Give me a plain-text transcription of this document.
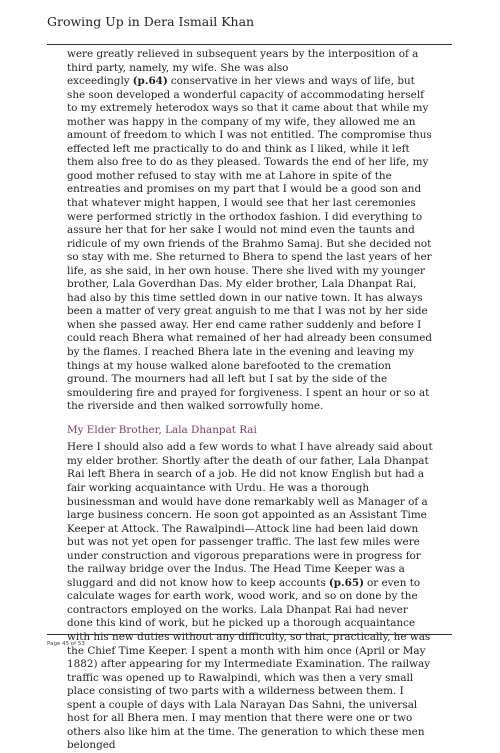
Growing Up in Dera Ismail Khan

were greatly relieved in subsequent years by the interposition of a third party, namely, my wife. She was also exceedingly (p.64) conservative in her views and ways of life, but she soon developed a wonderful capacity of accommodating herself to my extremely heterodox ways so that it came about that while my mother was happy in the company of my wife, they allowed me an amount of freedom to which I was not entitled. The compromise thus effected left me practically to do and think as I liked, while it left them also free to do as they pleased. Towards the end of her life, my good mother refused to stay with me at Lahore in spite of the entreaties and promises on my part that I would be a good son and that whatever might happen, I would see that her last ceremonies were performed strictly in the orthodox fashion. I did everything to assure her that for her sake I would not mind even the taunts and ridicule of my own friends of the Brahmo Samaj. But she decided not so stay with me. She returned to Bhera to spend the last years of her life, as she said, in her own house. There she lived with my younger brother, Lala Goverdhan Das. My elder brother, Lala Dhanpat Rai, had also by this time settled down in our native town. It has always been a matter of very great anguish to me that I was not by her side when she passed away. Her end came rather suddenly and before I could reach Bhera what remained of her had already been consumed by the flames. I reached Bhera late in the evening and leaving my things at my house walked alone barefooted to the cremation ground. The mourners had all left but I sat by the side of the smouldering fire and prayed for forgiveness. I spent an hour or so at the riverside and then walked sorrowfully home.

My Elder Brother, Lala Dhanpat Rai

Here I should also add a few words to what I have already said about my elder brother. Shortly after the death of our father, Lala Dhanpat Rai left Bhera in search of a job. He did not know English but had a fair working acquaintance with Urdu. He was a thorough businessman and would have done remarkably well as Manager of a large business concern. He soon got appointed as an Assistant Time Keeper at Attock. The Rawalpindi—Attock line had been laid down but was not yet open for passenger traffic. The last few miles were under construction and vigorous preparations were in progress for the railway bridge over the Indus. The Head Time Keeper was a sluggard and did not know how to keep accounts (p.65) or even to calculate wages for earth work, wood work, and so on done by the contractors employed on the works. Lala Dhanpat Rai had never done this kind of work, but he picked up a thorough acquaintance with his new duties without any difficulty, so that, practically, he was the Chief Time Keeper. I spent a month with him once (April or May 1882) after appearing for my Intermediate Examination. The railway traffic was opened up to Rawalpindi, which was then a very small place consisting of two parts with a wilderness between them. I spent a couple of days with Lala Narayan Das Sahni, the universal host for all Bhera men. I may mention that there were one or two others also like him at the time. The generation to which these men belonged

Page 45 of 53
